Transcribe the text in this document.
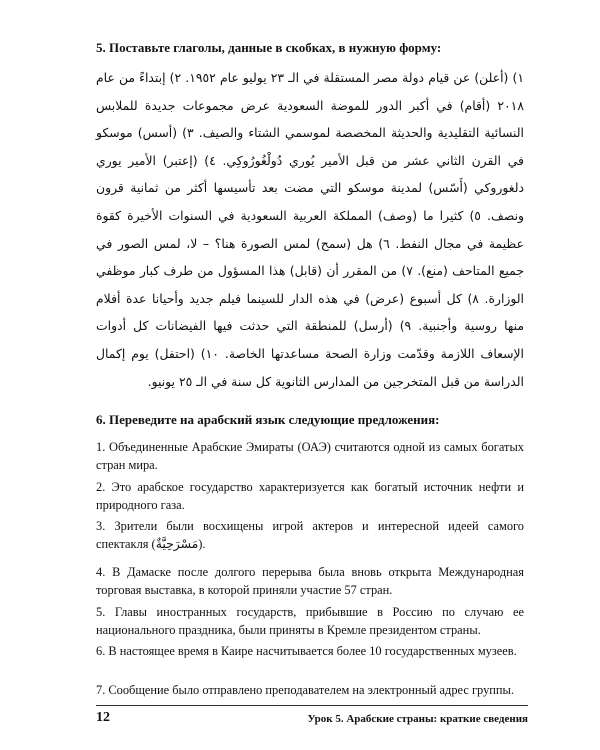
5. Поставьте глаголы, данные в скобках, в нужную форму:

١) (أعلن) عن قيام دولة مصر المستقلة في الـ ٢٣ يوليو عام ١٩٥٢. ٢) إبتداءً من عام ٢٠١٨ (أقام) في أكبر الدور للموضة السعودية عرض مجموعات جديدة للملابس النسائية التقليدية والحديثة المخصصة لموسمي الشتاء والصيف. ٣) (أسس) موسكو في القرن الثاني عشر من قبل الأمير يُوري دُولْغُورُوكِي. ٤) (إعتبر) الأمير يوري دلغوروكي (أَسّس) لمدينة موسكو التي مضت بعد تأسيسها أكثر من ثمانية قرون ونصف. ٥) كثيرا ما (وصف) المملكة العربية السعودية في السنوات الأخيرة كقوة عظيمة في مجال النفط. ٦) هل (سمح) لمس الصورة هنا؟ – لا، لمس الصور في جميع المتاحف (منع). ٧) من المقرر أن (قابل) هذا المسؤول من طرف كبار موظفي الوزارة. ٨) كل أسبوع (عرض) في هذه الدار للسينما فيلم جديد وأحيانا عدة أفلام منها روسية وأجنبية. ٩) (أرسل) للمنطقة التي حدثت فيها الفيضانات كل أدوات الإسعاف اللازمة وقدّمت وزارة الصحة مساعدتها الخاصة. ١٠) (احتفل) يوم إكمال الدراسة من قبل المتخرجين من المدارس الثانوية كل سنة في الـ ٢٥ يونيو.

6. Переведите на арабский язык следующие предложения:
1. Объединенные Арабские Эмираты (ОАЭ) считаются одной из самых богатых стран мира.
2. Это арабское государство характеризуется как богатый источник нефти и природного газа.
3. Зрители были восхищены игрой актеров и интересной идеей самого спектакля (مَسْرَحِيَّةٌ).
4. В Дамаске после долгого перерыва была вновь открыта Международная торговая выставка, в которой приняли участие 57 стран.
5. Главы иностранных государств, прибывшие в Россию по случаю ее национального праздника, были приняты в Кремле президентом страны.
6. В настоящее время в Каире насчитывается более 10 государственных музеев.
7. Сообщение было отправлено преподавателем на электронный адрес группы.
12	Урок 5. Арабские страны: краткие сведения
